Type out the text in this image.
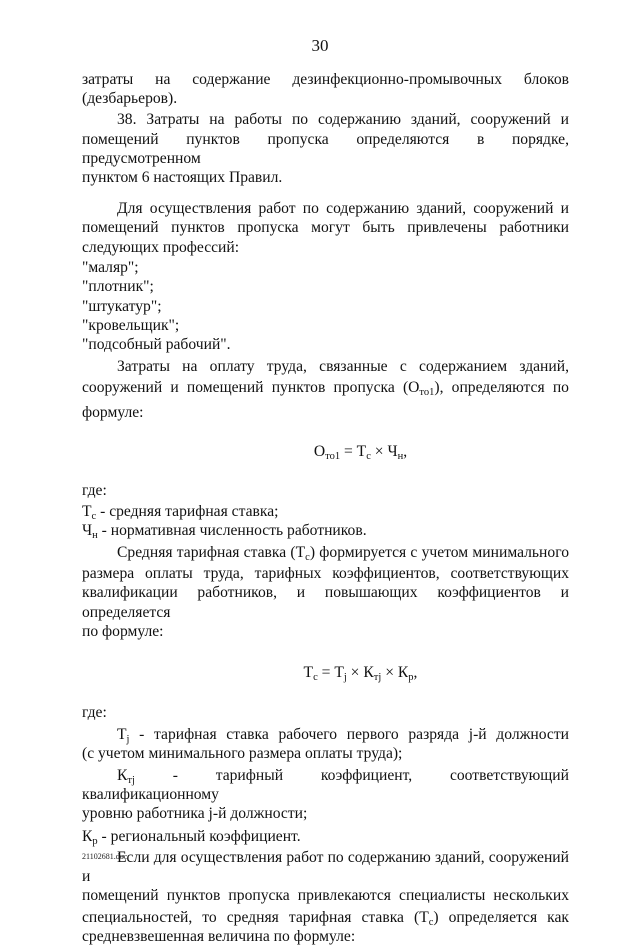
30

затраты на содержание дезинфекционно-промывочных блоков

(дезбарьеров).

38. Затраты на работы по содержанию зданий, сооружений и

помещений пунктов пропуска определяются в порядке, предусмотренном

пунктом 6 настоящих Правил.

Для осуществления работ по содержанию зданий, сооружений и

помещений пунктов пропуска могут быть привлечены работники

следующих профессий:

"маляр";

"плотник";

"штукатур";

"кровельщик";

"подсобный рабочий".

Затраты на оплату труда, связанные с содержанием зданий,

сооружений и помещений пунктов пропуска $(О_{то1})$, определяются по

формуле:

$О_{то1} = Т_с \times Ч_н$,

где:

$Т_с$ - средняя тарифная ставка;

$Ч_н$ - нормативная численность работников.

Средняя тарифная ставка $(Т_с)$ формируется с учетом минимального

размера оплаты труда, тарифных коэффициентов, соответствующих

квалификации работников, и повышающих коэффициентов и определяется

по формуле:

$Т_с = Т_j \times К_{тj} \times К_р$,

где:

$Т_j$ - тарифная ставка рабочего первого разряда j-й должности

(с учетом минимального размера оплаты труда);

$К_{тj}$ - тарифный коэффициент, соответствующий квалификационному

уровню работника j-й должности;

$К_р$ - региональный коэффициент.

Если для осуществления работ по содержанию зданий, сооружений и

помещений пунктов пропуска привлекаются специалисты нескольких

специальностей, то средняя тарифная ставка $(Т_с)$ определяется как

средневзвешенная величина по формуле:

21102681.doc
